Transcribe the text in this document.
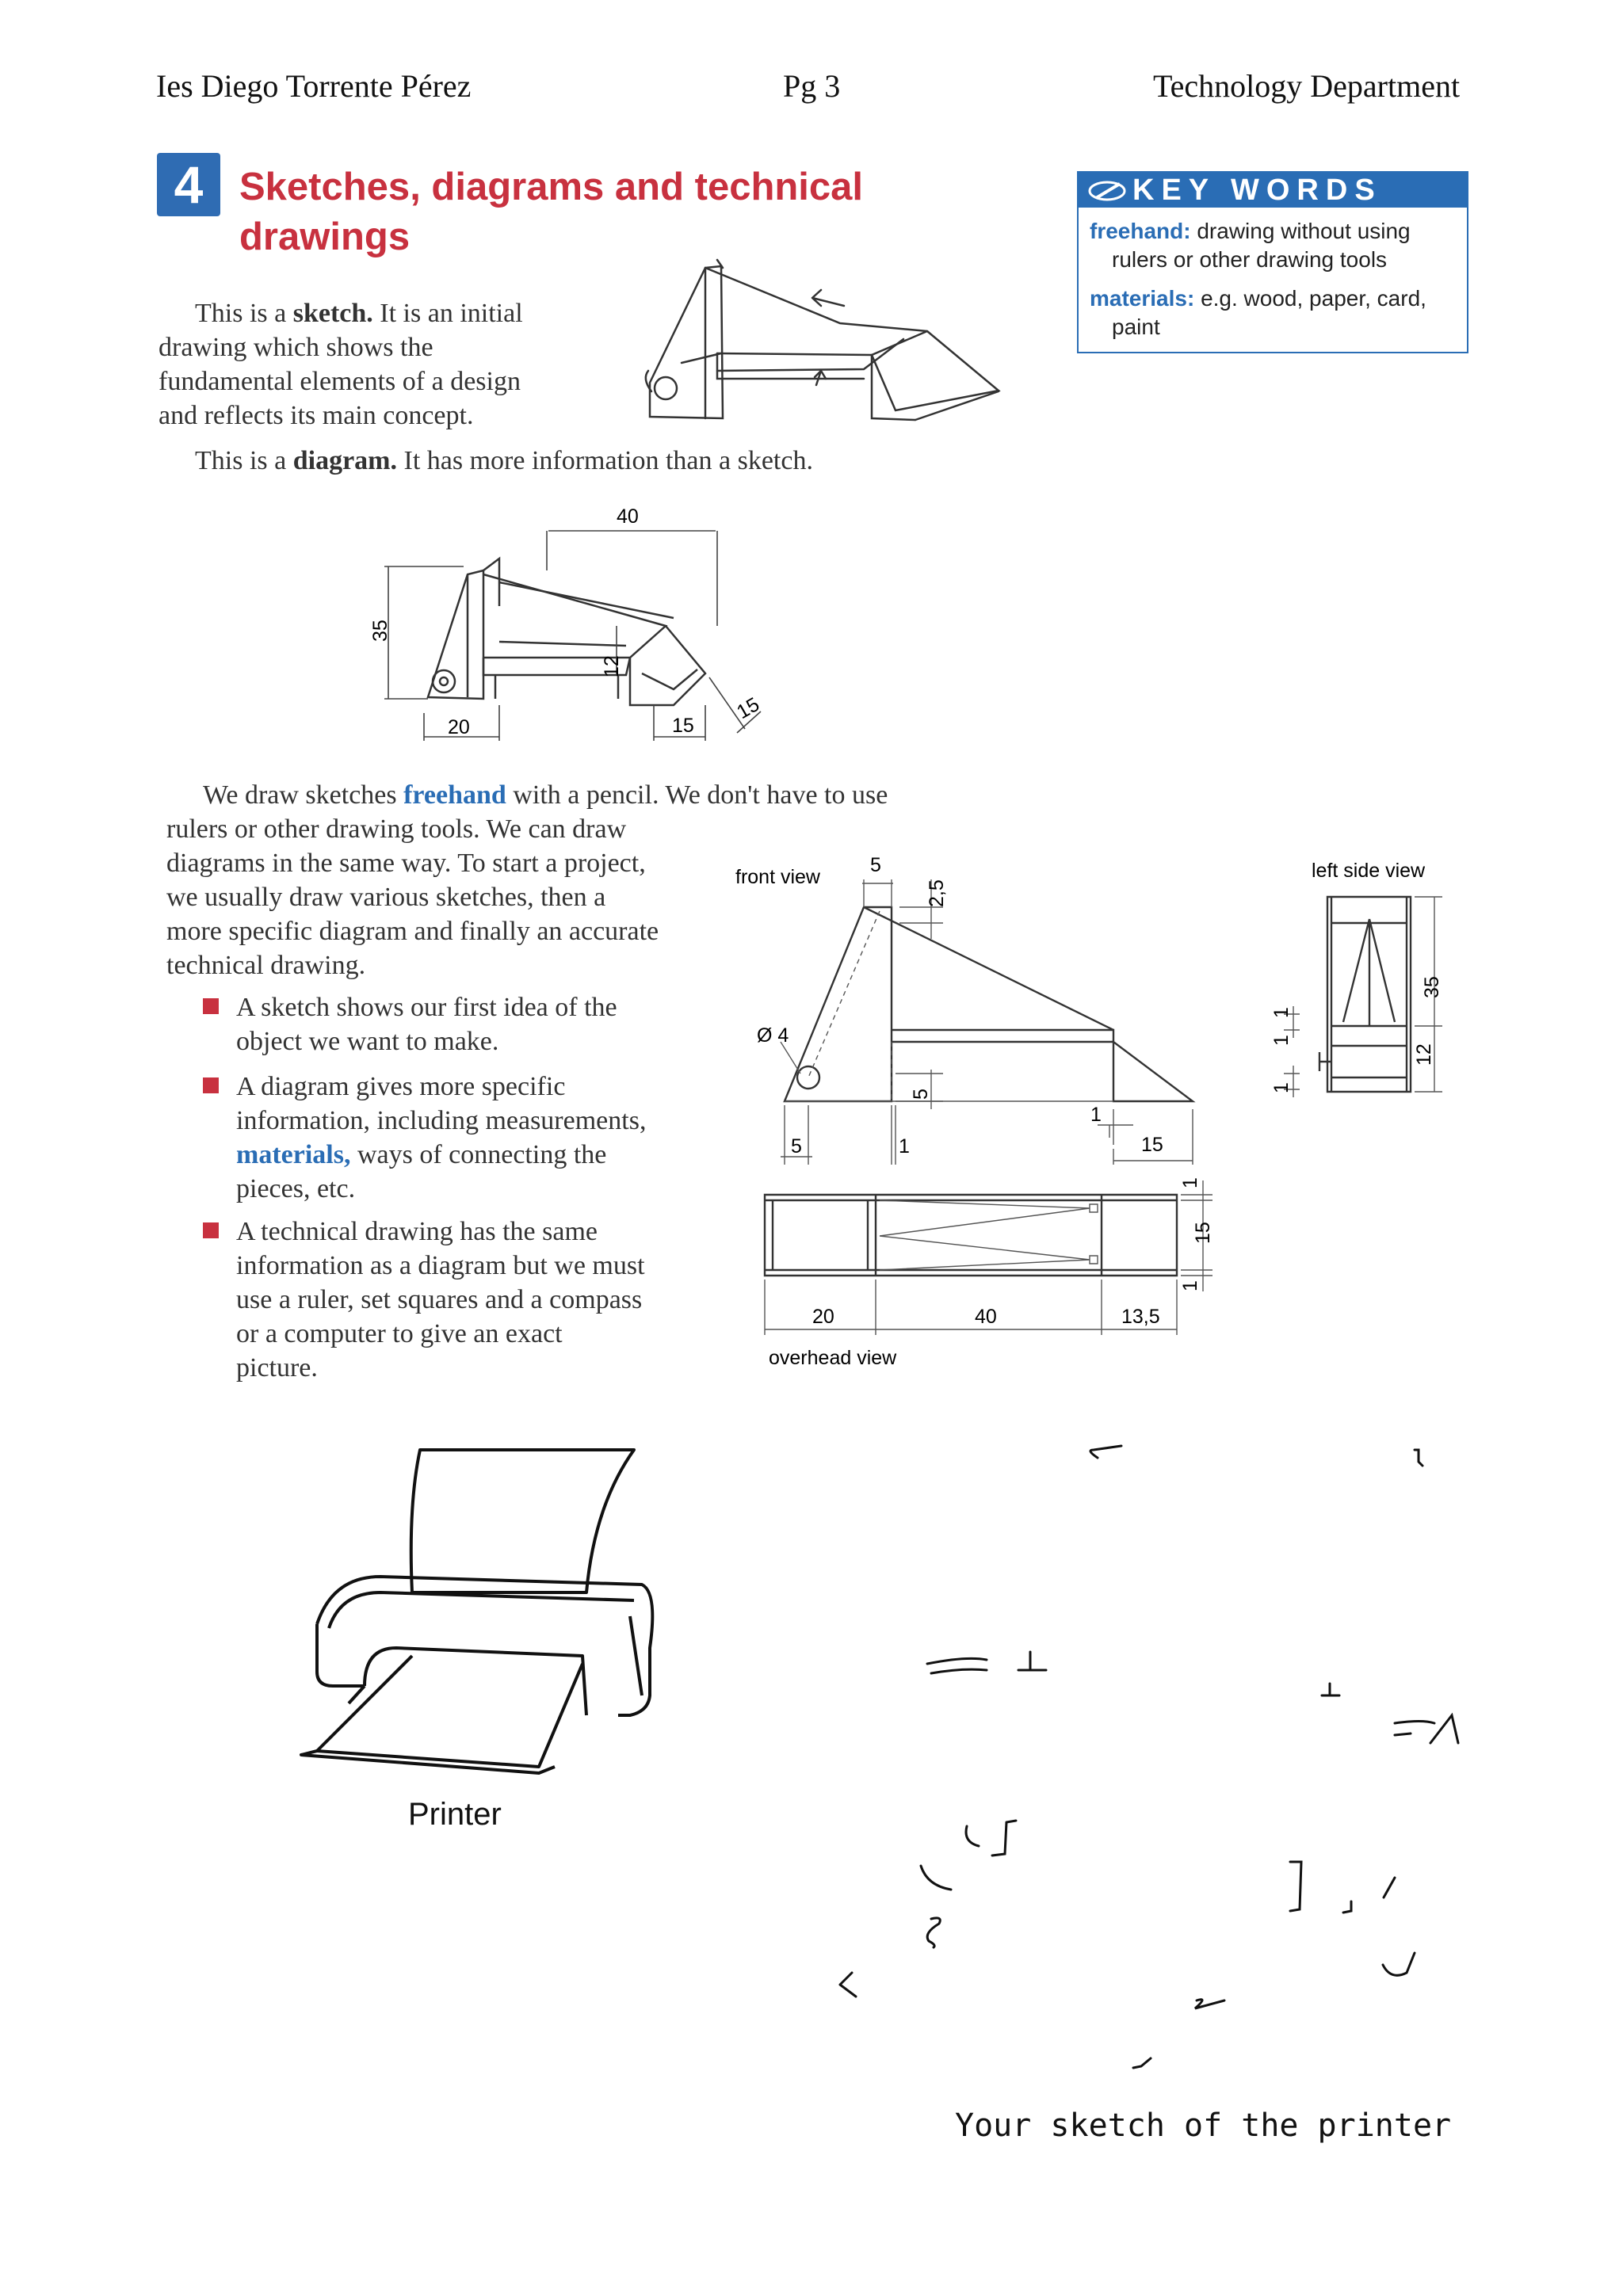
Ies Diego Torrente Pérez	Pg 3	Technology Department
4 Sketches, diagrams and technical drawings
KEY WORDS
freehand: drawing without using
rulers or other drawing tools
materials: e.g. wood, paper, card,
paint
This is a sketch. It is an initial
drawing which shows the
fundamental elements of a design
and reflects its main concept.
This is a diagram. It has more information than a sketch.
40
35
12
20	15
15
We draw sketches freehand with a pencil. We don't have to use
rulers or other drawing tools. We can draw
diagrams in the same way. To start a project,
we usually draw various sketches, then a
more specific diagram and finally an accurate
technical drawing.
A sketch shows our first idea of the
object we want to make.
A diagram gives more specific
information, including measurements,
materials, ways of connecting the
pieces, etc.
A technical drawing has the same
information as a diagram but we must
use a ruler, set squares and a compass
or a computer to give an exact
picture.
front view
5
2,5
Ø 4
5
5	1
1
15
left side view
35
12
1
1
1
20	40	13,5
15
1
1
overhead view
Printer
Your sketch of the printer
